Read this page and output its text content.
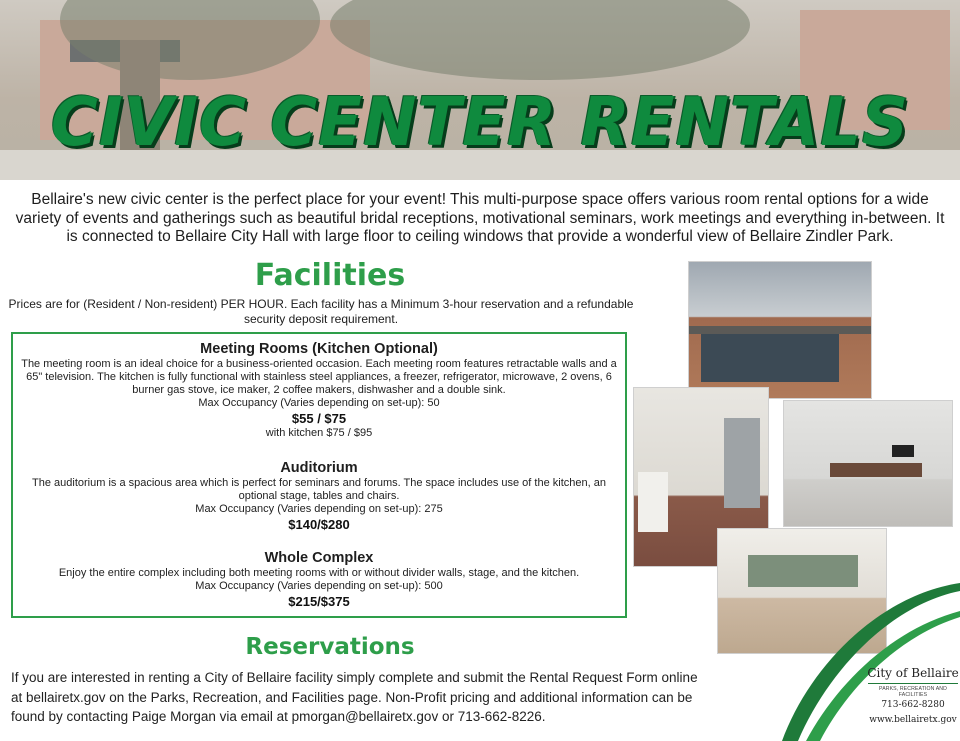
CIVIC CENTER RENTALS
Bellaire's new civic center is the perfect place for your event! This multi-purpose space offers various room rental options for a wide variety of events and gatherings such as beautiful bridal receptions, motivational seminars, work meetings and everything in-between. It is connected to Bellaire City Hall with large floor to ceiling windows that provide a wonderful view of Bellaire Zindler Park.
Facilities
Prices are for (Resident / Non-resident) PER HOUR. Each facility has a Minimum 3-hour reservation and a refundable security deposit requirement.
Meeting Rooms (Kitchen Optional)
The meeting room is an ideal choice for a business-oriented occasion. Each meeting room features retractable walls and a 65" television. The kitchen is fully functional with stainless steel appliances, a freezer, refrigerator, microwave, 2 ovens, 6 burner gas stove, ice maker, 2 coffee makers, dishwasher and a double sink.
Max Occupancy (Varies depending on set-up): 50
$55 / $75
with kitchen $75 / $95
Auditorium
The auditorium is a spacious area which is perfect for seminars and forums. The space includes use of the kitchen, an optional stage, tables and chairs.
Max Occupancy (Varies depending on set-up): 275
$140/$280
Whole Complex
Enjoy the entire complex including both meeting rooms with or without divider walls, stage, and the kitchen.
Max Occupancy (Varies depending on set-up): 500
$215/$375
Reservations
If you are interested in renting a City of Bellaire facility simply complete and submit the Rental Request Form online at bellairetx.gov on the Parks, Recreation, and Facilities page. Non-Profit pricing and additional information can be found by contacting Paige Morgan via email at pmorgan@bellairetx.gov or 713-662-8226.
City of Bellaire
PARKS, RECREATION AND FACILITIES
713-662-8280
www.bellairetx.gov
